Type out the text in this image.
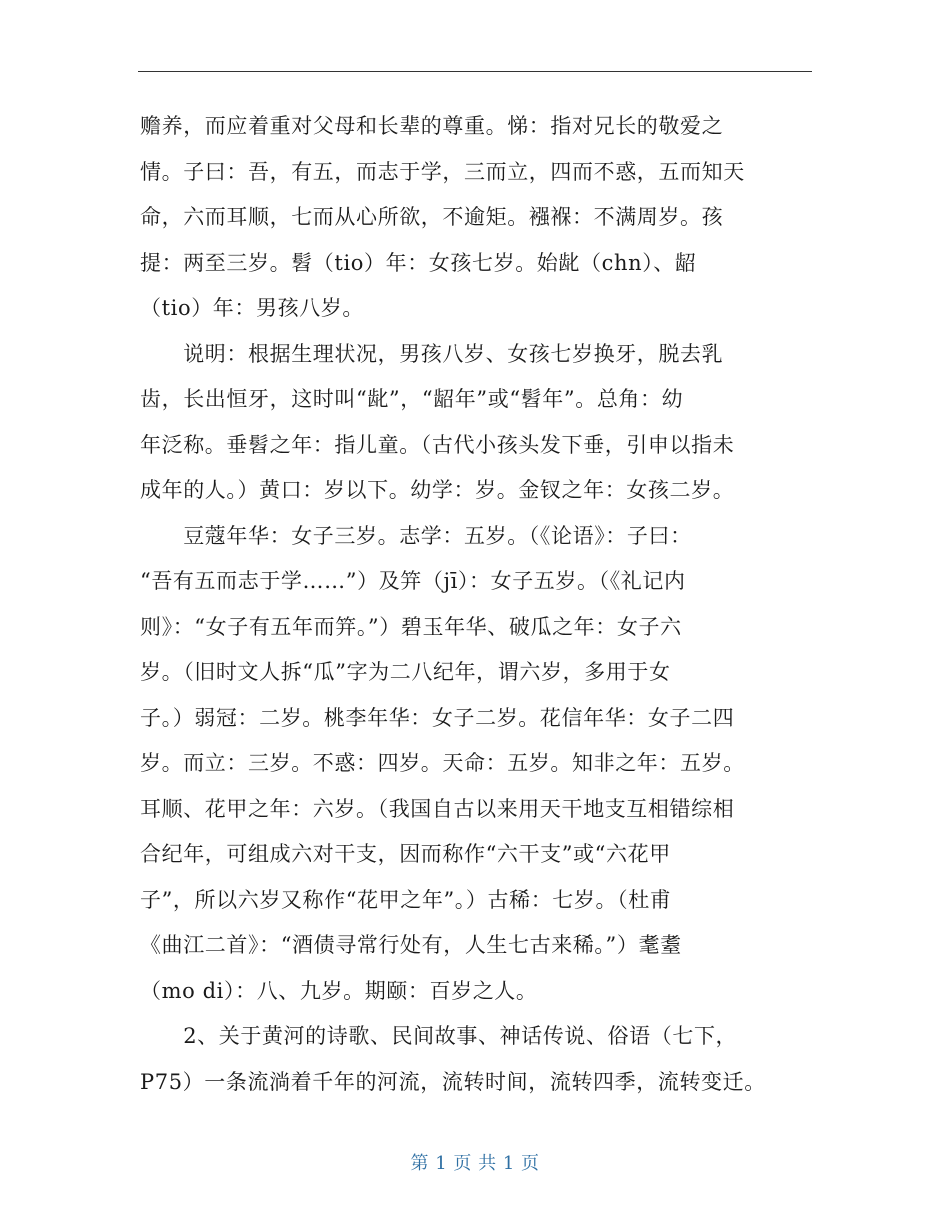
赡养，而应着重对父母和长辈的尊重。悌：指对兄长的敬爱之
情。子曰：吾，有五，而志于学，三而立，四而不惑，五而知天
命，六而耳顺，七而从心所欲，不逾矩。襁褓：不满周岁。孩
提：两至三岁。髫（tio）年：女孩七岁。始龀（chn）、龆
（tio）年：男孩八岁。
　　说明：根据生理状况，男孩八岁、女孩七岁换牙，脱去乳
齿，长出恒牙，这时叫“龀”，“龆年”或“髫年”。总角：幼
年泛称。垂髫之年：指儿童。（古代小孩头发下垂，引申以指未
成年的人。）黄口：岁以下。幼学：岁。金钗之年：女孩二岁。
　　豆蔻年华：女子三岁。志学：五岁。（《论语》：子曰：
“吾有五而志于学……”）及笄（jī）：女子五岁。（《礼记内
则》：“女子有五年而笄。”）碧玉年华、破瓜之年：女子六
岁。（旧时文人拆“瓜”字为二八纪年，谓六岁，多用于女
子。）弱冠：二岁。桃李年华：女子二岁。花信年华：女子二四
岁。而立：三岁。不惑：四岁。天命：五岁。知非之年：五岁。
耳顺、花甲之年：六岁。（我国自古以来用天干地支互相错综相
合纪年，可组成六对干支，因而称作“六干支”或“六花甲
子”，所以六岁又称作“花甲之年”。）古稀：七岁。（杜甫
《曲江二首》：“酒债寻常行处有，人生七古来稀。”）耄耋
（mo di）：八、九岁。期颐：百岁之人。
　　2、关于黄河的诗歌、民间故事、神话传说、俗语（七下，
P75）一条流淌着千年的河流，流转时间，流转四季，流转变迁。
第 1 页 共 1 页
